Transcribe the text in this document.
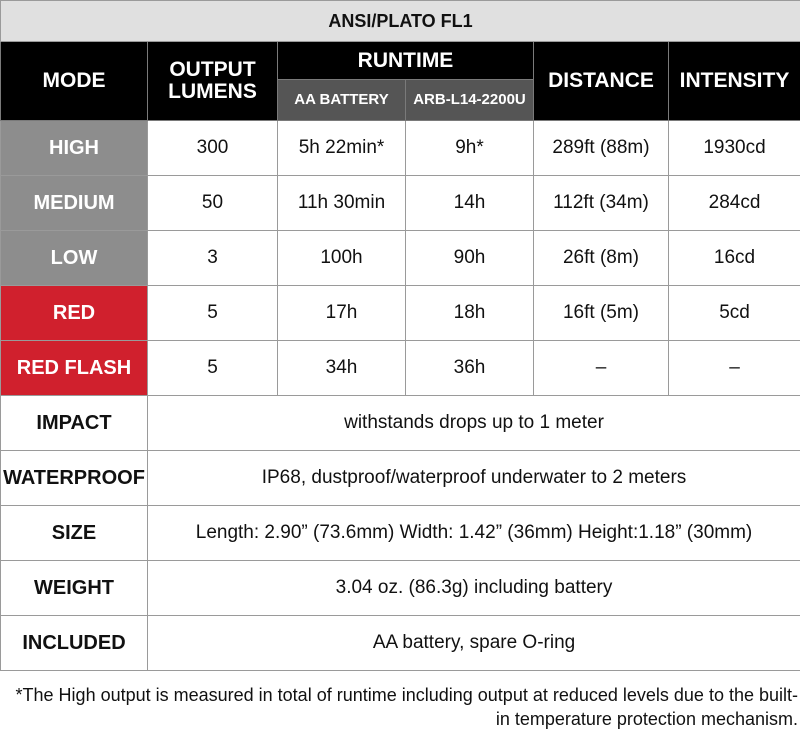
ANSI/PLATO FL1					
MODE	OUTPUT LUMENS	RUNTIME		DISTANCE	INTENSITY
		AA BATTERY	ARB-L14-2200U		
HIGH	300	5h 22min*	9h*	289ft (88m)	1930cd
MEDIUM	50	11h 30min	14h	112ft (34m)	284cd
LOW	3	100h	90h	26ft (8m)	16cd
RED	5	17h	18h	16ft (5m)	5cd
RED FLASH	5	34h	36h	–	–
IMPACT	withstands drops up to 1 meter				
WATERPROOF	IP68, dustproof/waterproof underwater to 2 meters				
SIZE	Length: 2.90” (73.6mm) Width: 1.42” (36mm) Height:1.18” (30mm)				
WEIGHT	3.04 oz. (86.3g) including battery				
INCLUDED	AA battery, spare O-ring				
*The High output is measured in total of runtime including output at reduced levels due to the built-in temperature protection mechanism.
